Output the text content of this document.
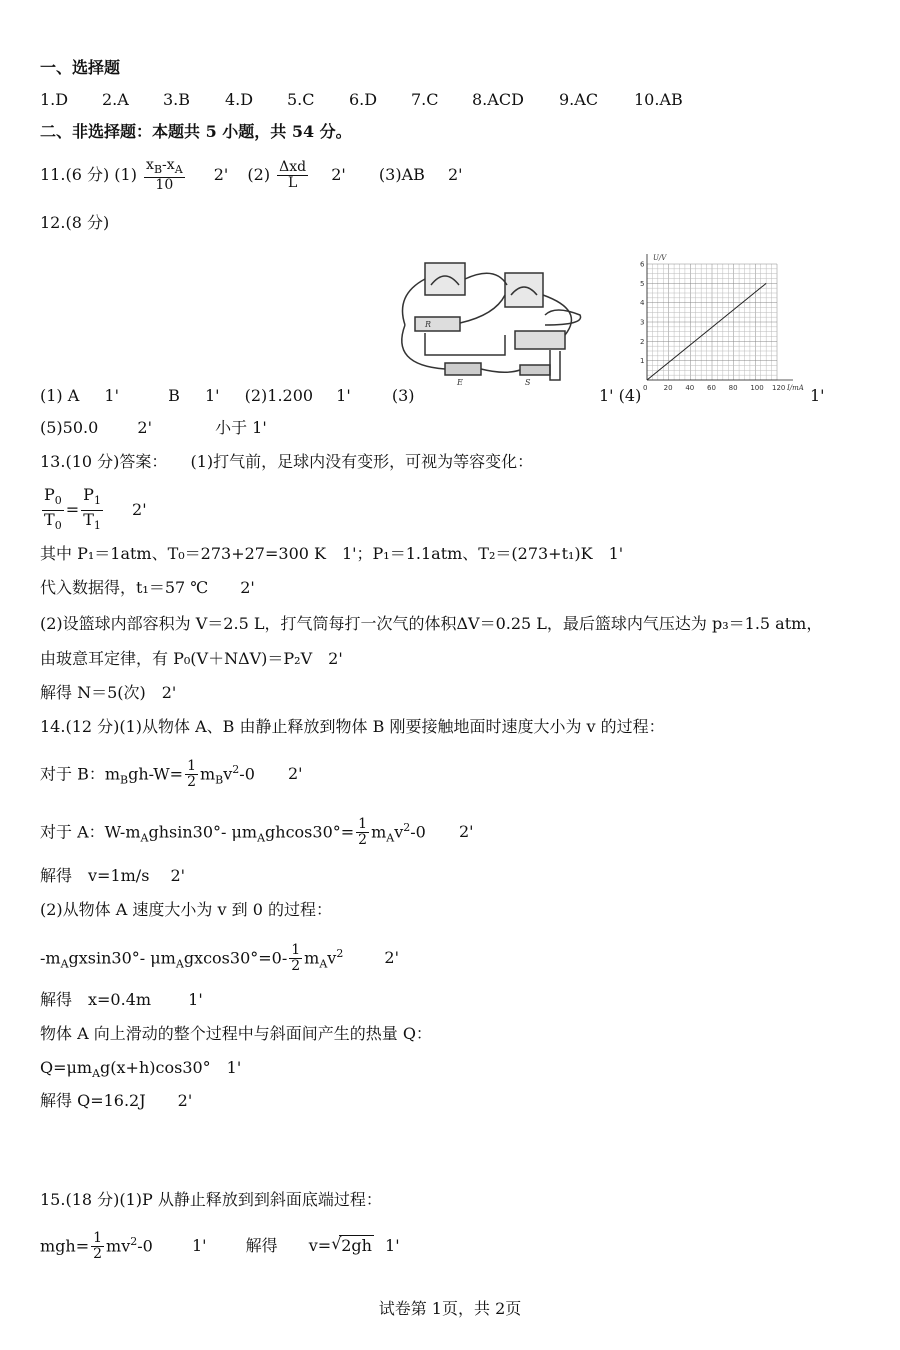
一、选择题
1.D 2.A 3.B 4.D 5.C 6.D 7.C 8.ACD 9.AC 10.AB
二、非选择题：本题共 5 小题，共 54 分。
11.(6 分) $(1) \frac{x_B-x_A}{10} 2'$ $(2) \frac{\text{Δxd}}{L} 2'$ (3)AB 2'
12.(8 分)
R
E	S
1
2
3
4
5
6
0 20 40 60 80 100 120
U/V
I/mA
(1) A 1'	B 1' (2)1.200 1'	(3)	1' (4)	1'
(5)50.0 2'	小于 1'
13.(10 分)答案： (1)打气前，足球内没有变形，可视为等容变化：
$\frac{P_0}{T_0} = \frac{P_1}{T_1} 2'$
其中 P₁＝1atm、T₀＝273+27=300 K　1'；P₁＝1.1atm、T₂＝(273+t₁)K　1'
代入数据得，t₁＝57 ℃　　2'
(2)设篮球内部容积为 V＝2.5 L，打气筒每打一次气的体积ΔV＝0.25 L，最后篮球内气压达为 p₃＝1.5 atm，
由玻意耳定律，有 P₀(V＋NΔV)＝P₂V　2'
解得 N＝5(次)　2'
14.(12 分)(1)从物体 A、B 由静止释放到物体 B 刚要接触地面时速度大小为 v 的过程：
对于 B：$m_Bgh-W= \frac{1}{2} m_Bv^2-0$ 2'
对于 A：$W-m_Aghsin30^\circ-$ $\mu m_Aghcos30^\circ= \frac{1}{2} m_Av^2-0$ 2'
解得　v=1m/s　 2'
(2)从物体 A 速度大小为 v 到 0 的过程：
$-m_Agxsin30^\circ-$ $\mu m_Agxcos30^\circ=0- \frac{1}{2} m_Av^2$	2'
解得　x=0.4m　　 1'
物体 A 向上滑动的整个过程中与斜面间产生的热量 Q：
$Q=\mu m_Ag(x+h)\cos 30^\circ$　1'
解得 Q=16.2J　　2'
15.(18 分)(1)P 从静止释放到到斜面底端过程：
$mgh= \frac{1}{2} mv^2-0$ 1' 解得 v= √ 2gh 1'
试卷第 1页，共 2页
